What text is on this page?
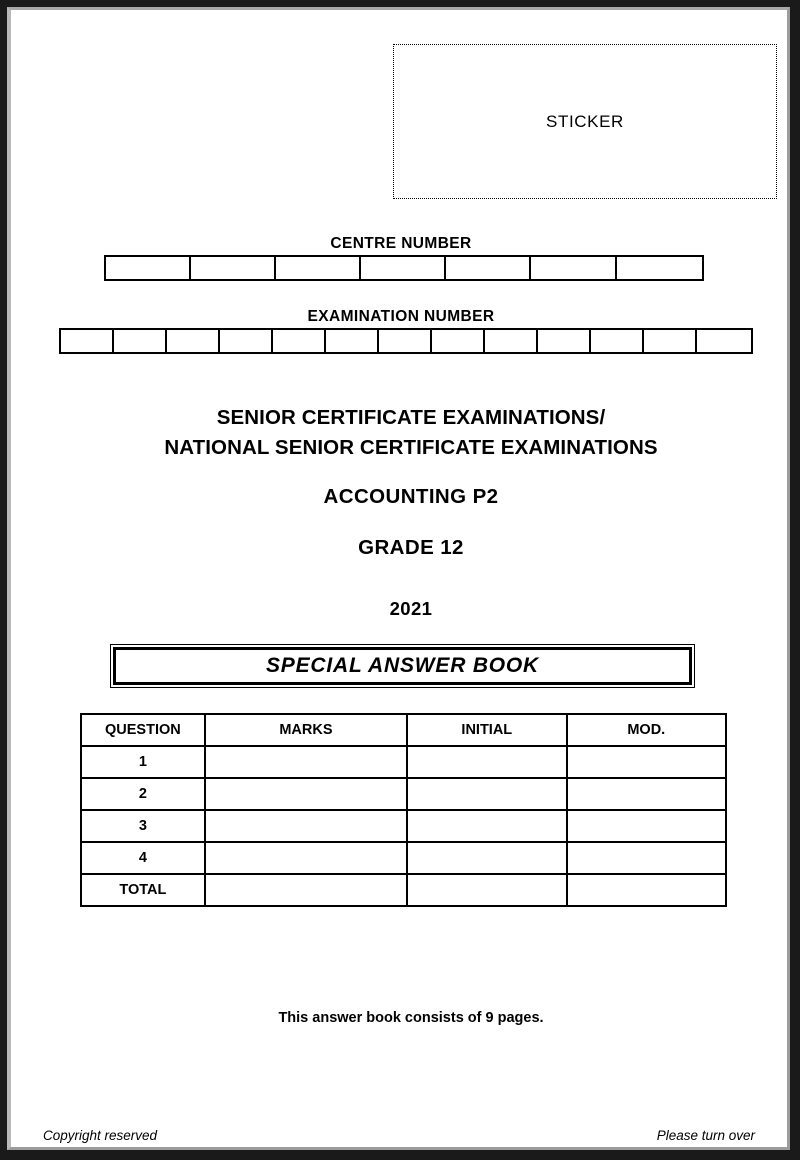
STICKER
CENTRE NUMBER
EXAMINATION NUMBER
SENIOR CERTIFICATE EXAMINATIONS/
NATIONAL SENIOR CERTIFICATE EXAMINATIONS
ACCOUNTING P2
GRADE 12
2021
SPECIAL ANSWER BOOK
QUESTION	MARKS	INITIAL	MOD.
1			
2			
3			
4			
TOTAL			
This answer book consists of 9 pages.
Copyright reserved	Please turn over
